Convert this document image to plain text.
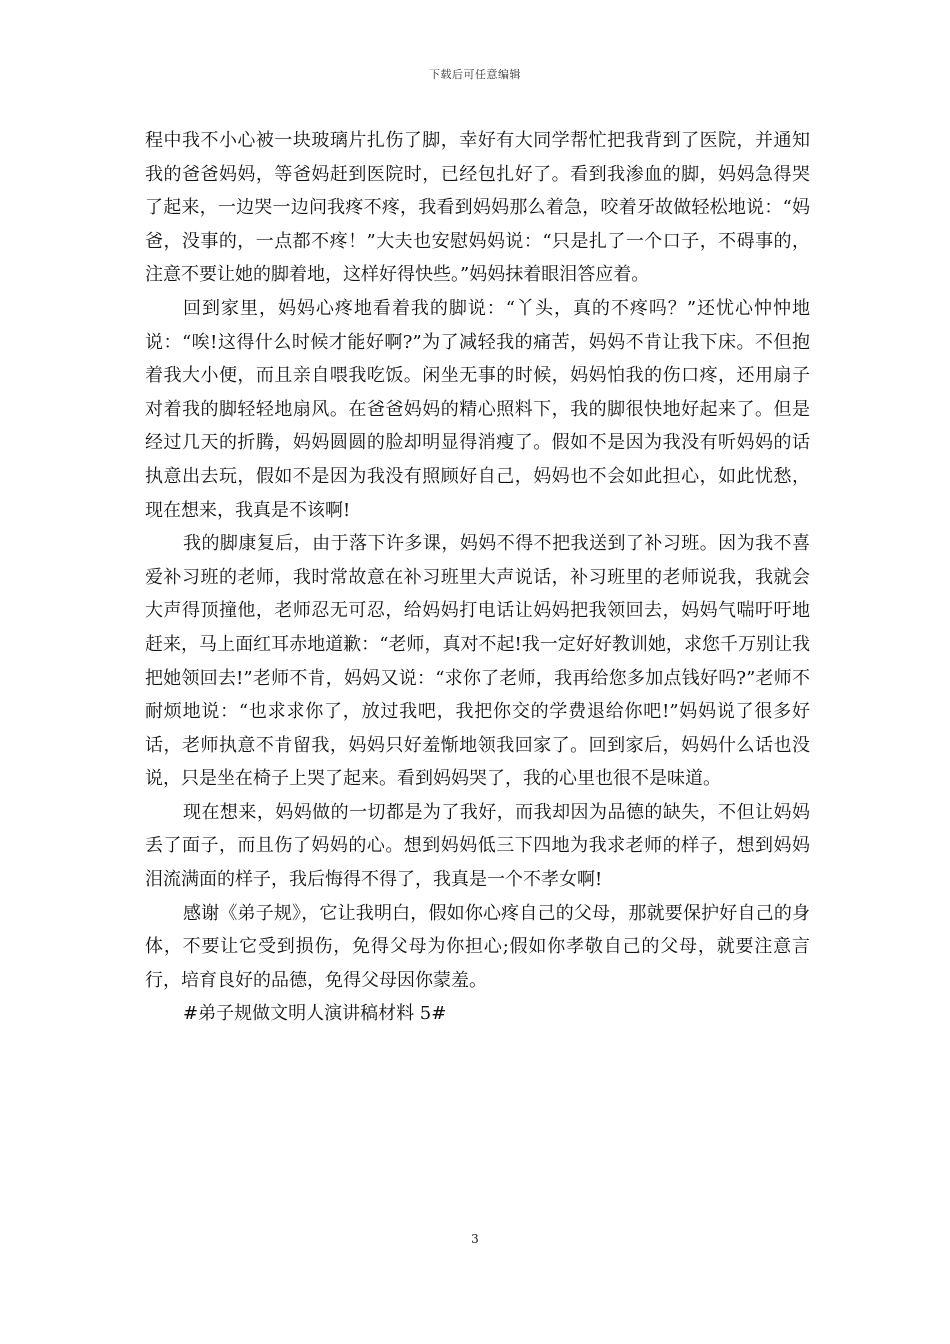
下载后可任意编辑

程中我不小心被一块玻璃片扎伤了脚，幸好有大同学帮忙把我背到了医院，并通知我的爸爸妈妈，等爸妈赶到医院时，已经包扎好了。看到我渗血的脚，妈妈急得哭了起来，一边哭一边问我疼不疼，我看到妈妈那么着急，咬着牙故做轻松地说：“妈爸，没事的，一点都不疼！”大夫也安慰妈妈说：“只是扎了一个口子，不碍事的，注意不要让她的脚着地，这样好得快些。”妈妈抹着眼泪答应着。

回到家里，妈妈心疼地看着我的脚说：“丫头，真的不疼吗？”还忧心忡忡地说：“唉!这得什么时候才能好啊?”为了减轻我的痛苦，妈妈不肯让我下床。不但抱着我大小便，而且亲自喂我吃饭。闲坐无事的时候，妈妈怕我的伤口疼，还用扇子对着我的脚轻轻地扇风。在爸爸妈妈的精心照料下，我的脚很快地好起来了。但是经过几天的折腾，妈妈圆圆的脸却明显得消瘦了。假如不是因为我没有听妈妈的话执意出去玩，假如不是因为我没有照顾好自己，妈妈也不会如此担心，如此忧愁，现在想来，我真是不该啊!

我的脚康复后，由于落下许多课，妈妈不得不把我送到了补习班。因为我不喜爱补习班的老师，我时常故意在补习班里大声说话，补习班里的老师说我，我就会大声得顶撞他，老师忍无可忍，给妈妈打电话让妈妈把我领回去，妈妈气喘吁吁地赶来，马上面红耳赤地道歉：“老师，真对不起!我一定好好教训她，求您千万别让我把她领回去!”老师不肯，妈妈又说：“求你了老师，我再给您多加点钱好吗?”老师不耐烦地说：“也求求你了，放过我吧，我把你交的学费退给你吧!”妈妈说了很多好话，老师执意不肯留我，妈妈只好羞惭地领我回家了。回到家后，妈妈什么话也没说，只是坐在椅子上哭了起来。看到妈妈哭了，我的心里也很不是味道。

现在想来，妈妈做的一切都是为了我好，而我却因为品德的缺失，不但让妈妈丢了面子，而且伤了妈妈的心。想到妈妈低三下四地为我求老师的样子，想到妈妈泪流满面的样子，我后悔得不得了，我真是一个不孝女啊!

感谢《弟子规》，它让我明白，假如你心疼自己的父母，那就要保护好自己的身体，不要让它受到损伤，免得父母为你担心;假如你孝敬自己的父母，就要注意言行，培育良好的品德，免得父母因你蒙羞。

#弟子规做文明人演讲稿材料 5#

3
